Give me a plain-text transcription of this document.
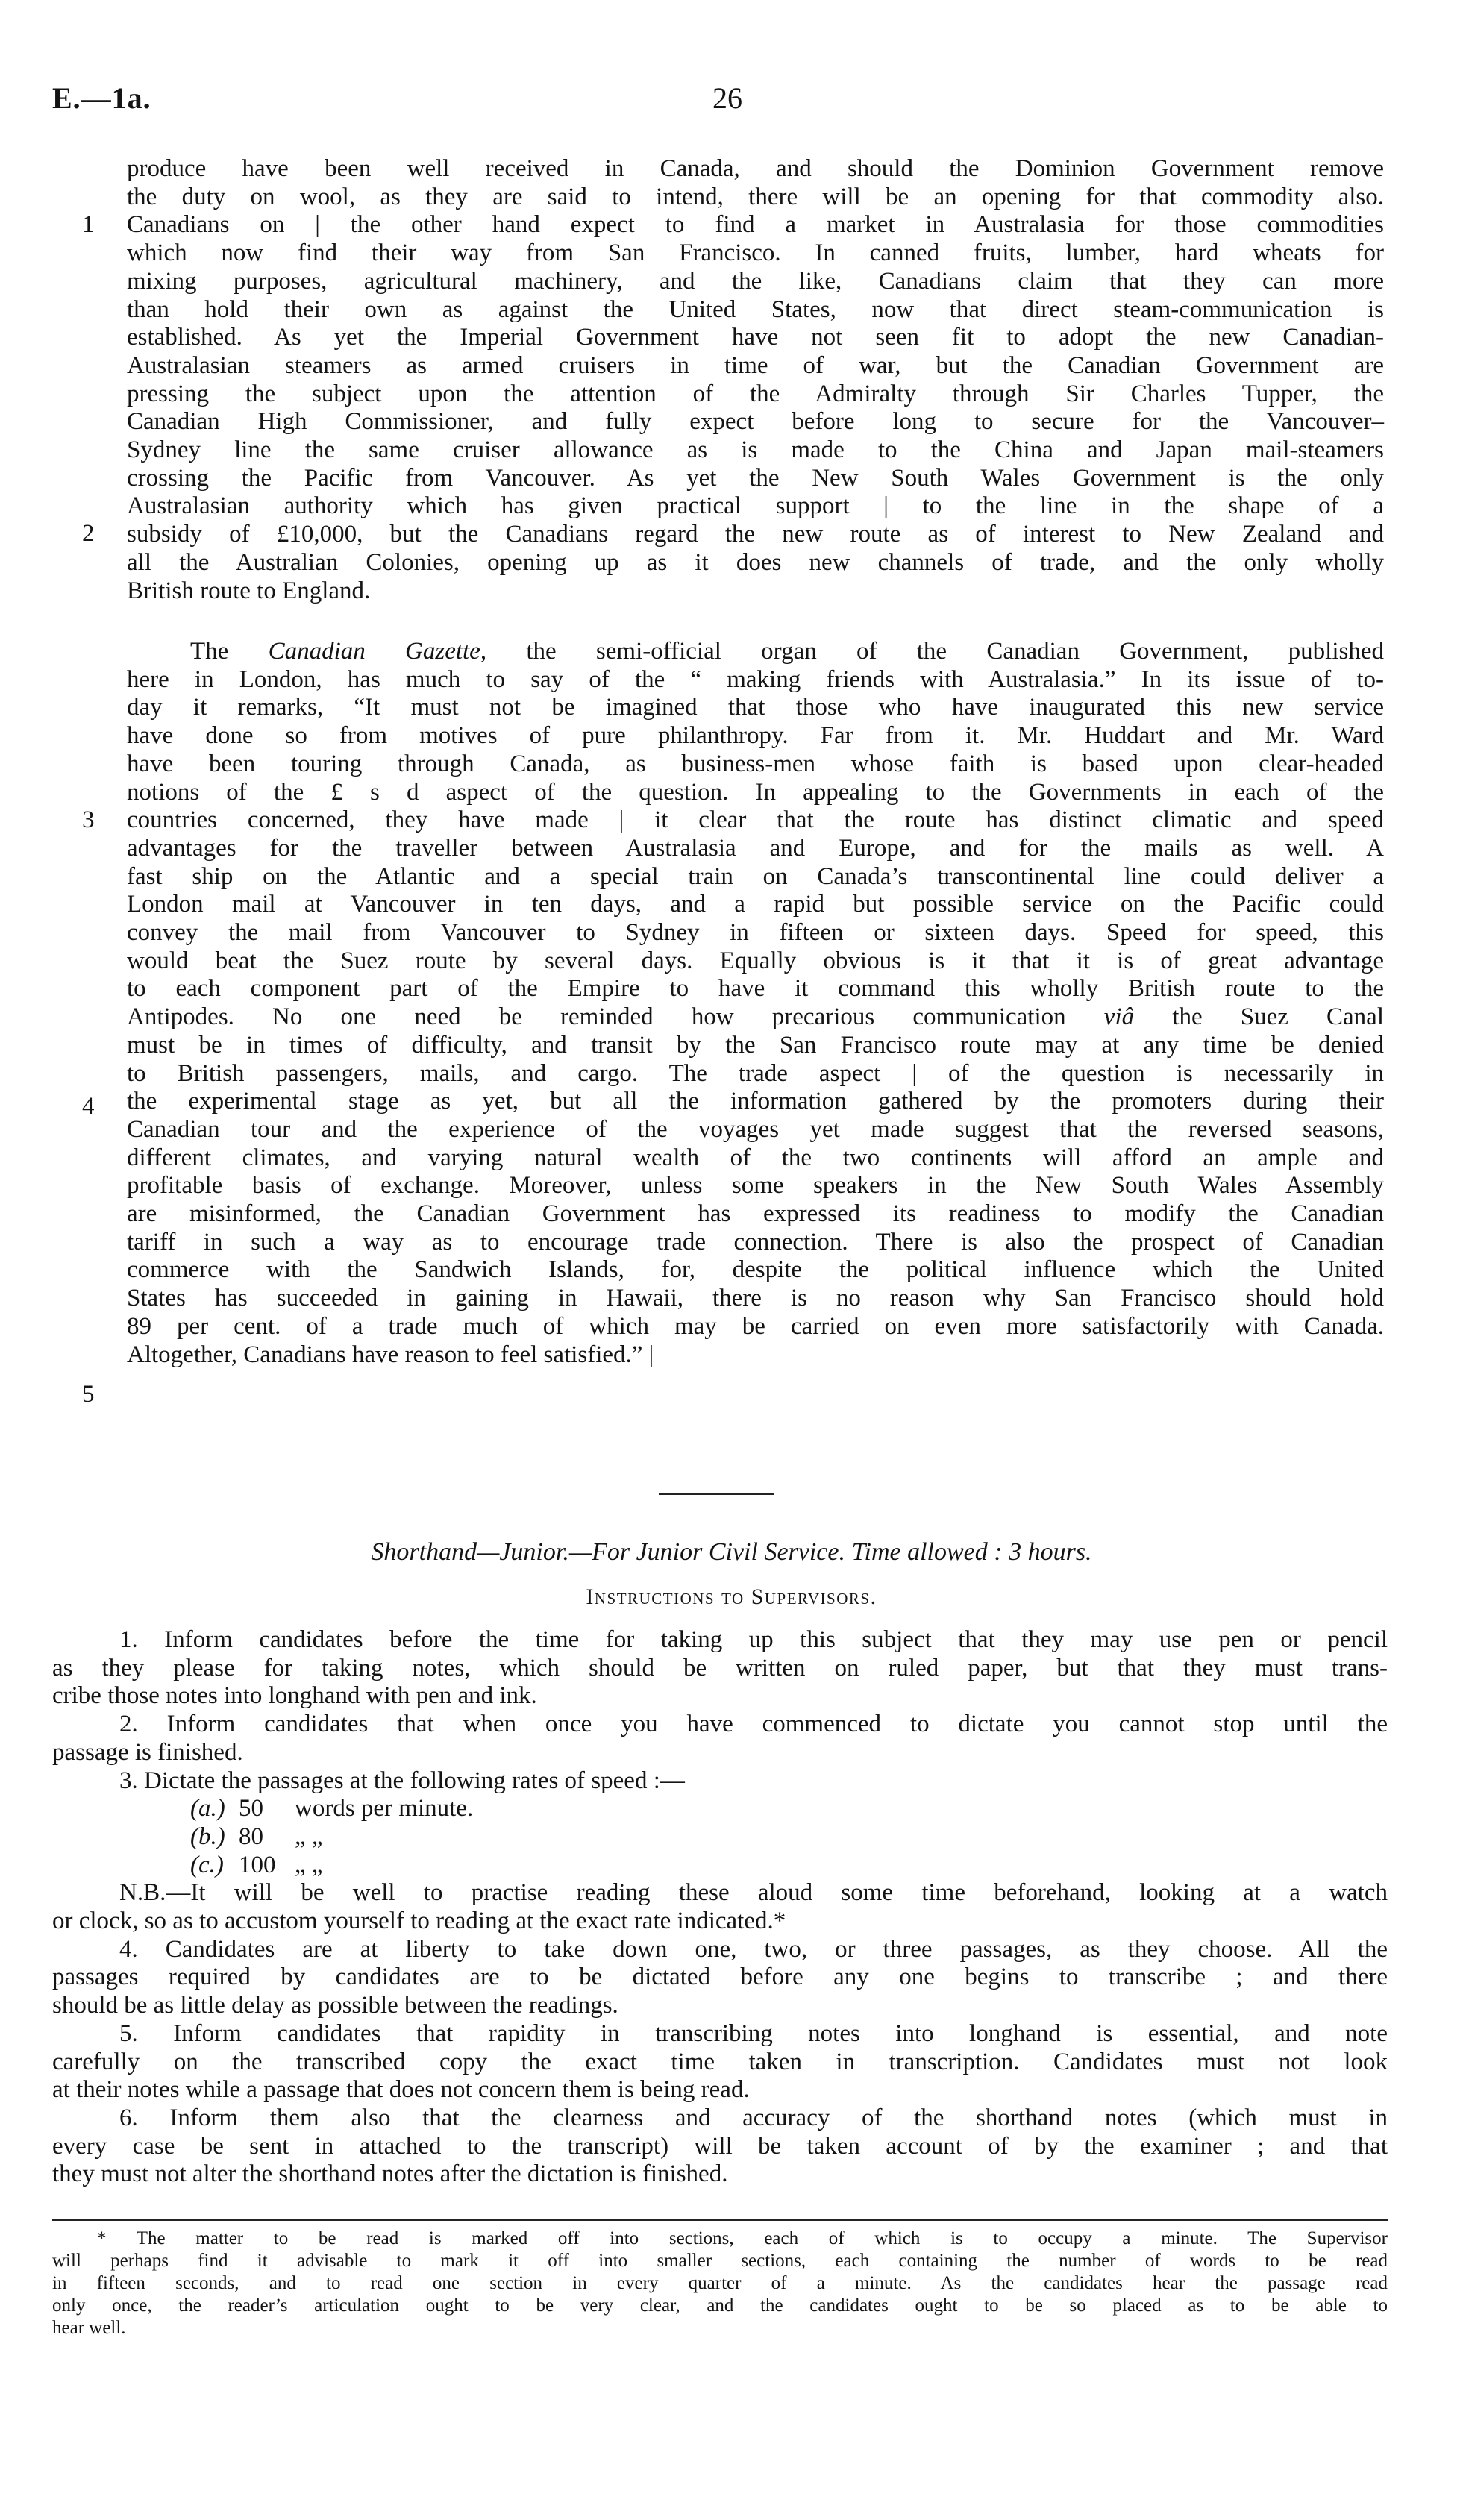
E.—1a.	26
1
2
3
4
5
produce have been well received in Canada, and should the Dominion Government remove
the duty on wool, as they are said to intend, there will be an opening for that commodity also.
Canadians on | the other hand expect to find a market in Australasia for those commodities
which now find their way from San Francisco. In canned fruits, lumber, hard wheats for
mixing purposes, agricultural machinery, and the like, Canadians claim that they can more
than hold their own as against the United States, now that direct steam-communication is
established. As yet the Imperial Government have not seen fit to adopt the new Canadian-
Australasian steamers as armed cruisers in time of war, but the Canadian Government are
pressing the subject upon the attention of the Admiralty through Sir Charles Tupper, the
Canadian High Commissioner, and fully expect before long to secure for the Vancouver–
Sydney line the same cruiser allowance as is made to the China and Japan mail-steamers
crossing the Pacific from Vancouver. As yet the New South Wales Government is the only
Australasian authority which has given practical support | to the line in the shape of a
subsidy of £10,000, but the Canadians regard the new route as of interest to New Zealand and
all the Australian Colonies, opening up as it does new channels of trade, and the only wholly
British route to England.
The Canadian Gazette, the semi-official organ of the Canadian Government, published
here in London, has much to say of the “ making friends with Australasia.” In its issue of to-
day it remarks, “It must not be imagined that those who have inaugurated this new service
have done so from motives of pure philanthropy. Far from it. Mr. Huddart and Mr. Ward
have been touring through Canada, as business-men whose faith is based upon clear-headed
notions of the £ s d aspect of the question. In appealing to the Governments in each of the
countries concerned, they have made | it clear that the route has distinct climatic and speed
advantages for the traveller between Australasia and Europe, and for the mails as well. A
fast ship on the Atlantic and a special train on Canada’s transcontinental line could deliver a
London mail at Vancouver in ten days, and a rapid but possible service on the Pacific could
convey the mail from Vancouver to Sydney in fifteen or sixteen days. Speed for speed, this
would beat the Suez route by several days. Equally obvious is it that it is of great advantage
to each component part of the Empire to have it command this wholly British route to the
Antipodes. No one need be reminded how precarious communication viâ the Suez Canal
must be in times of difficulty, and transit by the San Francisco route may at any time be denied
to British passengers, mails, and cargo. The trade aspect | of the question is necessarily in
the experimental stage as yet, but all the information gathered by the promoters during their
Canadian tour and the experience of the voyages yet made suggest that the reversed seasons,
different climates, and varying natural wealth of the two continents will afford an ample and
profitable basis of exchange. Moreover, unless some speakers in the New South Wales Assembly
are misinformed, the Canadian Government has expressed its readiness to modify the Canadian
tariff in such a way as to encourage trade connection. There is also the prospect of Canadian
commerce with the Sandwich Islands, for, despite the political influence which the United
States has succeeded in gaining in Hawaii, there is no reason why San Francisco should hold
89 per cent. of a trade much of which may be carried on even more satisfactorily with Canada.
Altogether, Canadians have reason to feel satisfied.” |
Shorthand—Junior.—For Junior Civil Service. Time allowed : 3 hours.
Instructions to Supervisors.
1. Inform candidates before the time for taking up this subject that they may use pen or pencil
as they please for taking notes, which should be written on ruled paper, but that they must trans-
cribe those notes into longhand with pen and ink.
2. Inform candidates that when once you have commenced to dictate you cannot stop until the
passage is finished.
3. Dictate the passages at the following rates of speed :—
(a.) 50 words per minute.
(b.) 80 „ „
(c.) 100 „ „
N.B.—It will be well to practise reading these aloud some time beforehand, looking at a watch
or clock, so as to accustom yourself to reading at the exact rate indicated.*
4. Candidates are at liberty to take down one, two, or three passages, as they choose. All the
passages required by candidates are to be dictated before any one begins to transcribe ; and there
should be as little delay as possible between the readings.
5. Inform candidates that rapidity in transcribing notes into longhand is essential, and note
carefully on the transcribed copy the exact time taken in transcription. Candidates must not look
at their notes while a passage that does not concern them is being read.
6. Inform them also that the clearness and accuracy of the shorthand notes (which must in
every case be sent in attached to the transcript) will be taken account of by the examiner ; and that
they must not alter the shorthand notes after the dictation is finished.
* The matter to be read is marked off into sections, each of which is to occupy a minute. The Supervisor
will perhaps find it advisable to mark it off into smaller sections, each containing the number of words to be read
in fifteen seconds, and to read one section in every quarter of a minute. As the candidates hear the passage read
only once, the reader’s articulation ought to be very clear, and the candidates ought to be so placed as to be able to
hear well.
